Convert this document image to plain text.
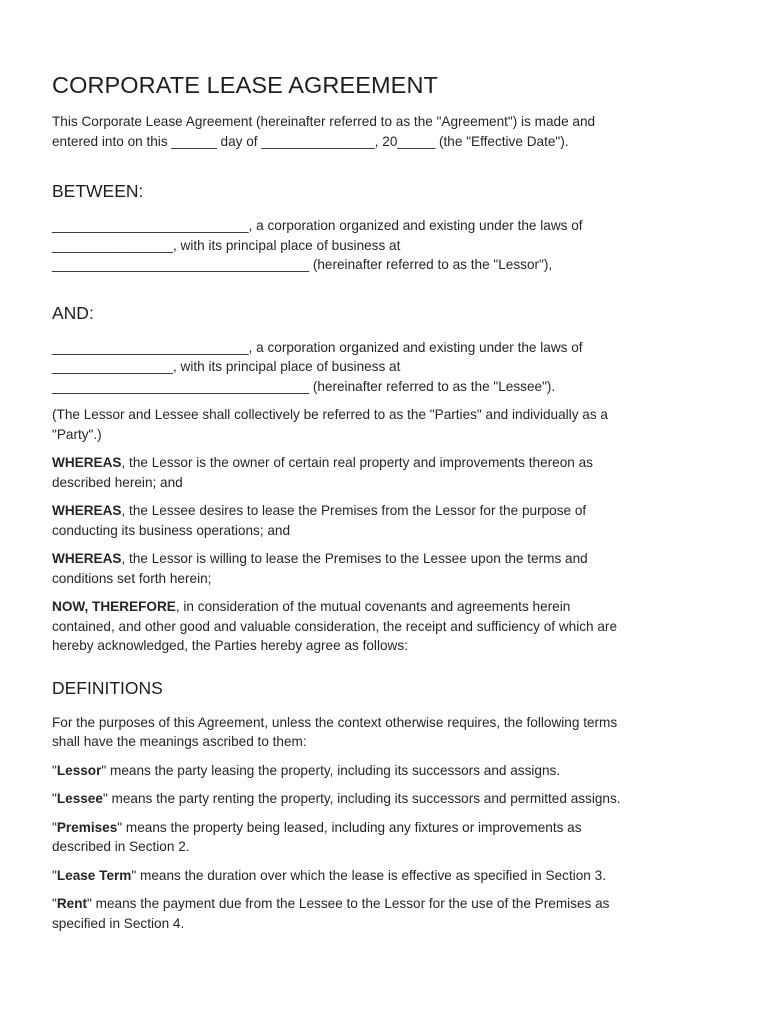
CORPORATE LEASE AGREEMENT
This Corporate Lease Agreement (hereinafter referred to as the "Agreement") is made and
entered into on this ______ day of _______________, 20_____ (the "Effective Date").
BETWEEN:
__________________________, a corporation organized and existing under the laws of
________________, with its principal place of business at
__________________________________ (hereinafter referred to as the "Lessor"),
AND:
__________________________, a corporation organized and existing under the laws of
________________, with its principal place of business at
__________________________________ (hereinafter referred to as the "Lessee").
(The Lessor and Lessee shall collectively be referred to as the "Parties" and individually as a
"Party".)
WHEREAS, the Lessor is the owner of certain real property and improvements thereon as
described herein; and
WHEREAS, the Lessee desires to lease the Premises from the Lessor for the purpose of
conducting its business operations; and
WHEREAS, the Lessor is willing to lease the Premises to the Lessee upon the terms and
conditions set forth herein;
NOW, THEREFORE, in consideration of the mutual covenants and agreements herein
contained, and other good and valuable consideration, the receipt and sufficiency of which are
hereby acknowledged, the Parties hereby agree as follows:
DEFINITIONS
For the purposes of this Agreement, unless the context otherwise requires, the following terms
shall have the meanings ascribed to them:
"Lessor" means the party leasing the property, including its successors and assigns.
"Lessee" means the party renting the property, including its successors and permitted assigns.
"Premises" means the property being leased, including any fixtures or improvements as
described in Section 2.
"Lease Term" means the duration over which the lease is effective as specified in Section 3.
"Rent" means the payment due from the Lessee to the Lessor for the use of the Premises as
specified in Section 4.
